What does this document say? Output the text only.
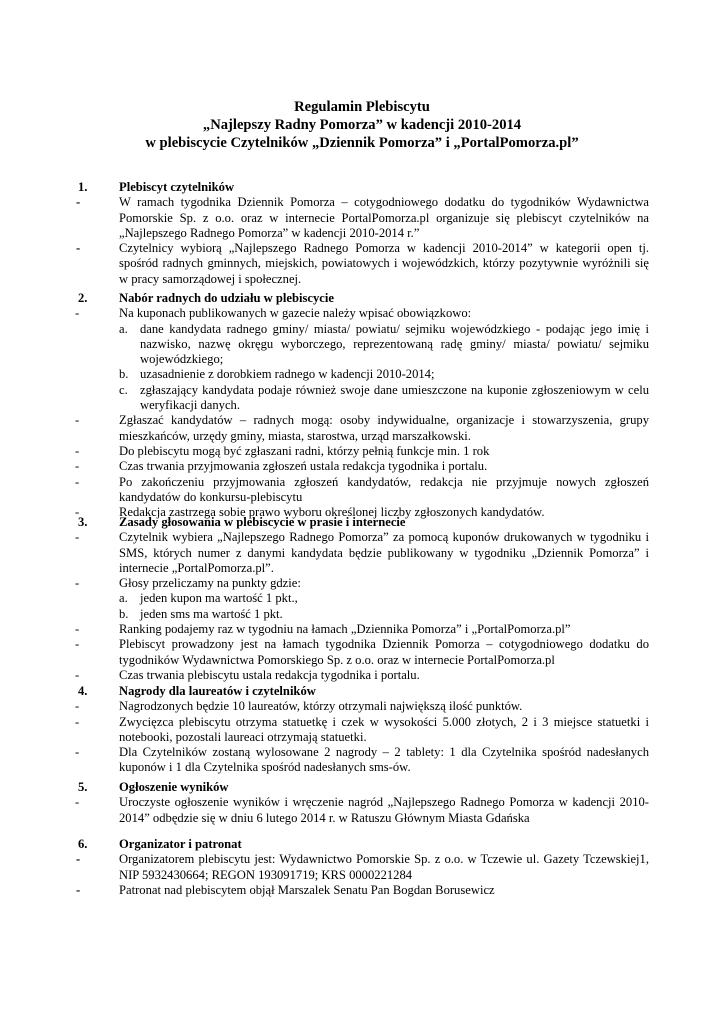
Regulamin Plebiscytu
„Najlepszy Radny Pomorza” w kadencji 2010-2014
w plebiscycie Czytelników „Dziennik Pomorza” i „PortalPomorza.pl”
1.	Plebiscyt czytelników
-	W ramach tygodnika Dziennik Pomorza – cotygodniowego dodatku do tygodników Wydawnictwa Pomorskie Sp. z o.o. oraz w internecie PortalPomorza.pl organizuje się plebiscyt czytelników na „Najlepszego Radnego Pomorza” w kadencji 2010-2014 r.”
-	Czytelnicy wybiorą „Najlepszego Radnego Pomorza w kadencji 2010-2014” w kategorii open tj. spośród radnych gminnych, miejskich, powiatowych i wojewódzkich, którzy pozytywnie wyróżnili się w pracy samorządowej i społecznej.
2.	Nabór radnych do udziału w plebiscycie
-	Na kuponach publikowanych w gazecie należy wpisać obowiązkowo:
a. dane kandydata radnego gminy/ miasta/ powiatu/ sejmiku wojewódzkiego - podając jego imię i nazwisko, nazwę okręgu wyborczego, reprezentowaną radę gminy/ miasta/ powiatu/ sejmiku wojewódzkiego;
b. uzasadnienie z dorobkiem radnego w kadencji 2010-2014;
c. zgłaszający kandydata podaje również swoje dane umieszczone na kuponie zgłoszeniowym w celu weryfikacji danych.
-	Zgłaszać kandydatów – radnych mogą: osoby indywidualne, organizacje i stowarzyszenia, grupy mieszkańców, urzędy gminy, miasta, starostwa, urząd marszałkowski.
-	Do plebiscytu mogą być zgłaszani radni, którzy pełnią funkcje min. 1 rok
-	Czas trwania przyjmowania zgłoszeń ustala redakcja tygodnika i portalu.
-	Po zakończeniu przyjmowania zgłoszeń kandydatów, redakcja nie przyjmuje nowych zgłoszeń kandydatów do konkursu-plebiscytu
-	Redakcja zastrzega sobie prawo wyboru określonej liczby zgłoszonych kandydatów.
3.	Zasady głosowania w plebiscycie w prasie i internecie
-	Czytelnik wybiera „Najlepszego Radnego Pomorza” za pomocą kuponów drukowanych w tygodniku i SMS, których numer z danymi kandydata będzie publikowany w tygodniku „Dziennik Pomorza” i internecie „PortalPomorza.pl”.
-	Głosy przeliczamy na punkty gdzie:
a. jeden kupon ma wartość 1 pkt.,
b. jeden sms ma wartość 1 pkt.
-	Ranking podajemy raz w tygodniu na łamach „Dziennika Pomorza” i „PortalPomorza.pl”
-	Plebiscyt prowadzony jest na łamach tygodnika Dziennik Pomorza – cotygodniowego dodatku do tygodników Wydawnictwa Pomorskiego Sp. z o.o. oraz w internecie PortalPomorza.pl
-	Czas trwania plebiscytu ustala redakcja tygodnika i portalu.
4.	Nagrody dla laureatów i czytelników
-	Nagrodzonych będzie 10 laureatów, którzy otrzymali największą ilość punktów.
-	Zwycięzca plebiscytu otrzyma statuetkę i czek w wysokości 5.000 złotych, 2 i 3 miejsce statuetki i notebooki, pozostali laureaci otrzymają statuetki.
-	Dla Czytelników zostaną wylosowane 2 nagrody – 2 tablety: 1 dla Czytelnika spośród nadesłanych kuponów i 1 dla Czytelnika spośród nadesłanych sms-ów.
5.	Ogłoszenie wyników
-	Uroczyste ogłoszenie wyników i wręczenie nagród „Najlepszego Radnego Pomorza w kadencji 2010-2014” odbędzie się w dniu 6 lutego 2014 r. w Ratuszu Głównym Miasta Gdańska
6.	Organizator i patronat
-	Organizatorem plebiscytu jest: Wydawnictwo Pomorskie Sp. z o.o. w Tczewie ul. Gazety Tczewskiej1, NIP 5932430664; REGON 193091719; KRS 0000221284
-	Patronat nad plebiscytem objął Marszalek Senatu Pan Bogdan Borusewicz
